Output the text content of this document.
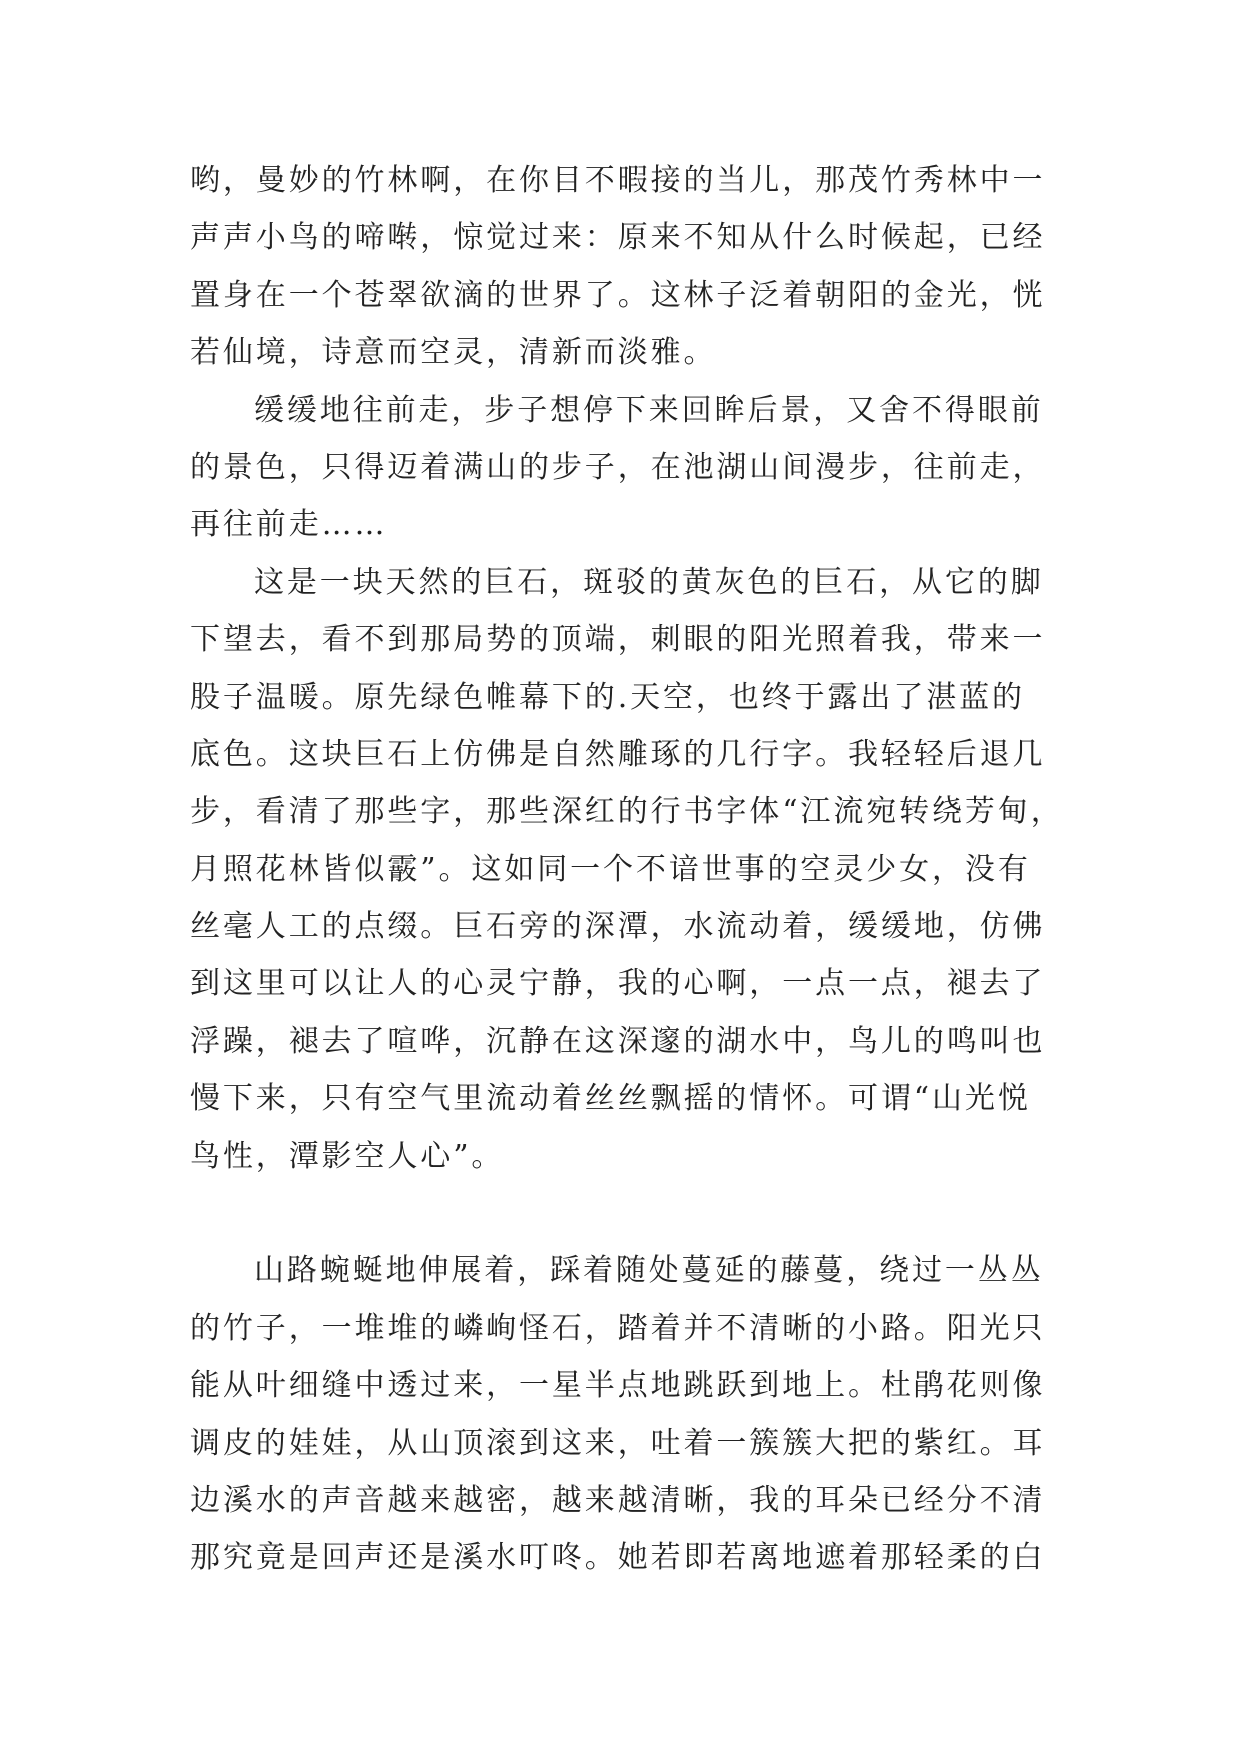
哟，曼妙的竹林啊，在你目不暇接的当儿，那茂竹秀林中一
声声小鸟的啼啭，惊觉过来：原来不知从什么时候起，已经
置身在一个苍翠欲滴的世界了。这林子泛着朝阳的金光，恍
若仙境，诗意而空灵，清新而淡雅。
缓缓地往前走，步子想停下来回眸后景，又舍不得眼前
的景色，只得迈着满山的步子，在池湖山间漫步，往前走，
再往前走……
这是一块天然的巨石，斑驳的黄灰色的巨石，从它的脚
下望去，看不到那局势的顶端，刺眼的阳光照着我，带来一
股子温暖。原先绿色帷幕下的.天空，也终于露出了湛蓝的
底色。这块巨石上仿佛是自然雕琢的几行字。我轻轻后退几
步，看清了那些字，那些深红的行书字体“江流宛转绕芳甸，
月照花林皆似霰”。这如同一个不谙世事的空灵少女，没有
丝毫人工的点缀。巨石旁的深潭，水流动着，缓缓地，仿佛
到这里可以让人的心灵宁静，我的心啊，一点一点，褪去了
浮躁，褪去了喧哗，沉静在这深邃的湖水中，鸟儿的鸣叫也
慢下来，只有空气里流动着丝丝飘摇的情怀。可谓“山光悦
鸟性，潭影空人心”。
山路蜿蜒地伸展着，踩着随处蔓延的藤蔓，绕过一丛丛
的竹子，一堆堆的嶙峋怪石，踏着并不清晰的小路。阳光只
能从叶细缝中透过来，一星半点地跳跃到地上。杜鹃花则像
调皮的娃娃，从山顶滚到这来，吐着一簇簇大把的紫红。耳
边溪水的声音越来越密，越来越清晰，我的耳朵已经分不清
那究竟是回声还是溪水叮咚。她若即若离地遮着那轻柔的白
